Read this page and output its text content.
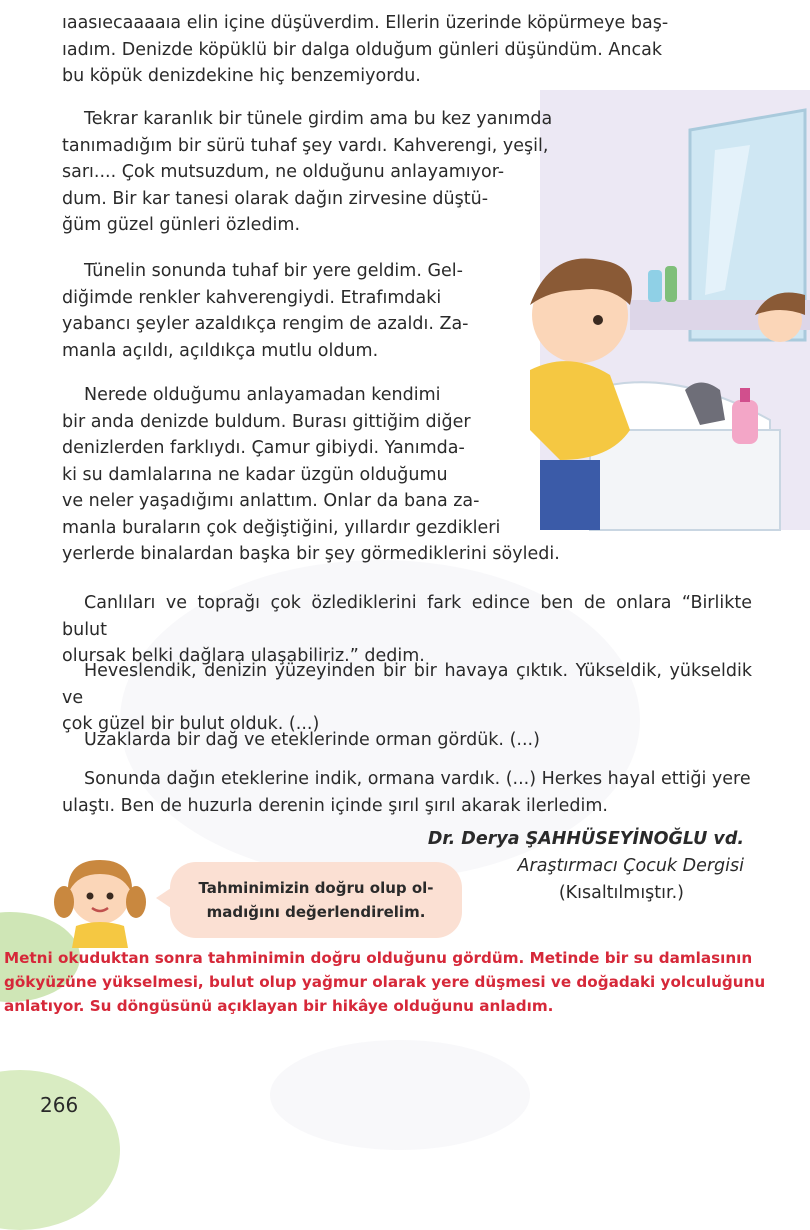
ıaasıecaaaaıa elin içine düşüverdim. Ellerin üzerinde köpürmeye baş-
ıadım. Denizde köpüklü bir dalga olduğum günleri düşündüm. Ancak
bu köpük denizdekine hiç benzemiyordu.

Tekrar karanlık bir tünele girdim ama bu kez yanımda
tanımadığım bir sürü tuhaf şey vardı. Kahverengi, yeşil,
sarı.... Çok mutsuzdum, ne olduğunu anlayamıyor-
dum. Bir kar tanesi olarak dağın zirvesine düştü-
ğüm güzel günleri özledim.

Tünelin sonunda tuhaf bir yere geldim. Gel-
diğimde renkler kahverengiydi. Etrafımdaki
yabancı şeyler azaldıkça rengim de azaldı. Za-
manla açıldı, açıldıkça mutlu oldum.

Nerede olduğumu anlayamadan kendimi
bir anda denizde buldum. Burası gittiğim diğer
denizlerden farklıydı. Çamur gibiydi. Yanımda-
ki su damlalarına ne kadar üzgün olduğumu
ve neler yaşadığımı anlattım. Onlar da bana za-
manla buraların çok değiştiğini, yıllardır gezdikleri
yerlerde binalardan başka bir şey görmediklerini söyledi.

Canlıları ve toprağı çok özlediklerini fark edince ben de onlara “Birlikte bulut
olursak belki dağlara ulaşabiliriz.” dedim.

Heveslendik, denizin yüzeyinden bir bir havaya çıktık. Yükseldik, yükseldik ve
çok güzel bir bulut olduk. (...)

Uzaklarda bir dağ ve eteklerinde orman gördük. (...)

Sonunda dağın eteklerine indik, ormana vardık. (...) Herkes hayal ettiği yere
ulaştı. Ben de huzurla derenin içinde şırıl şırıl akarak ilerledim.

Dr. Derya ŞAHHÜSEYİNOĞLU vd.
Araştırmacı Çocuk Dergisi
(Kısaltılmıştır.)
Tahminimizin doğru olup ol-
madığını değerlendirelim.

Metni okuduktan sonra tahminimin doğru olduğunu gördüm. Metinde bir su damlasının gökyüzüne yükselmesi, bulut olup yağmur olarak yere düşmesi ve doğadaki yolculuğunu anlatıyor. Su döngüsünü açıklayan bir hikâye olduğunu anladım.

266
